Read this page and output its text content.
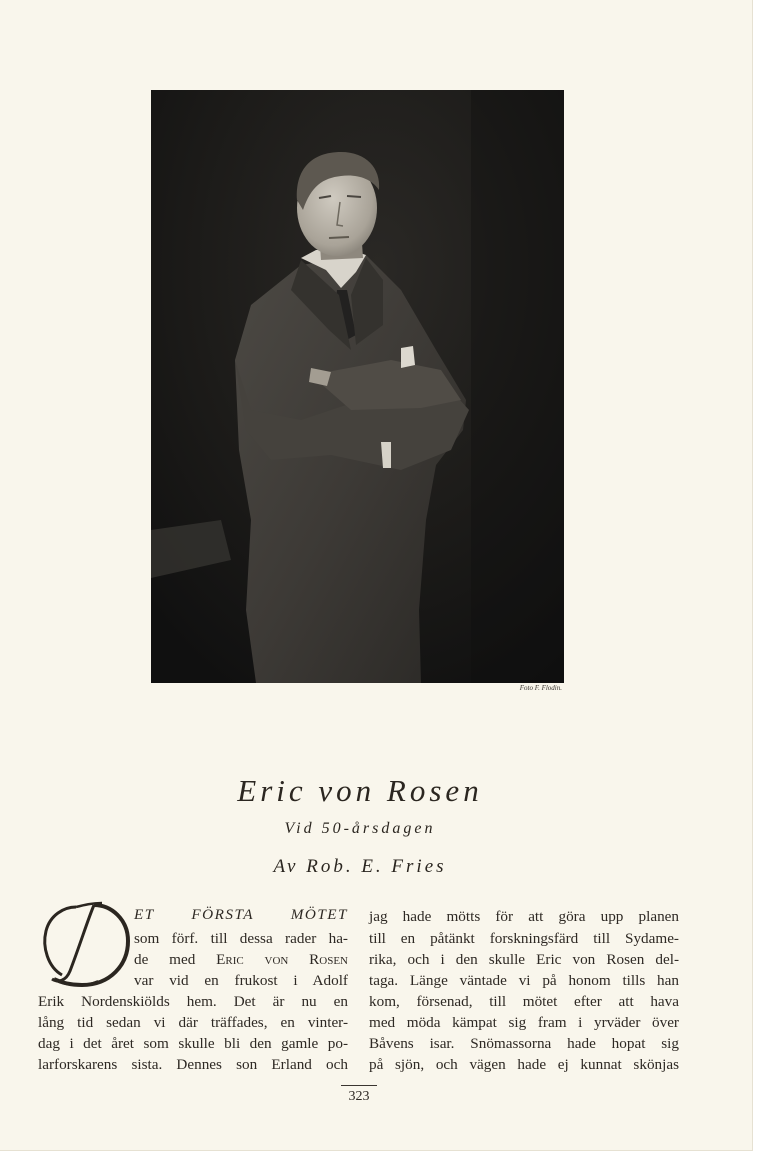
Foto F. Flodin.
Eric von Rosen
Vid 50-årsdagen
Av Rob. E. Fries
ET FÖRSTA MÖTET
som förf. till dessa rader ha-
de med Eric von Rosen
var vid en frukost i Adolf
Erik Nordenskiölds hem. Det är nu en
lång tid sedan vi där träffades, en vinter-
dag i det året som skulle bli den gamle po-
larforskarens sista. Dennes son Erland och
jag hade mötts för att göra upp planen
till en påtänkt forskningsfärd till Sydame-
rika, och i den skulle Eric von Rosen del-
taga. Länge väntade vi på honom tills han
kom, försenad, till mötet efter att hava
med möda kämpat sig fram i yrväder över
Båvens isar. Snömassorna hade hopat sig
på sjön, och vägen hade ej kunnat skönjas
323
